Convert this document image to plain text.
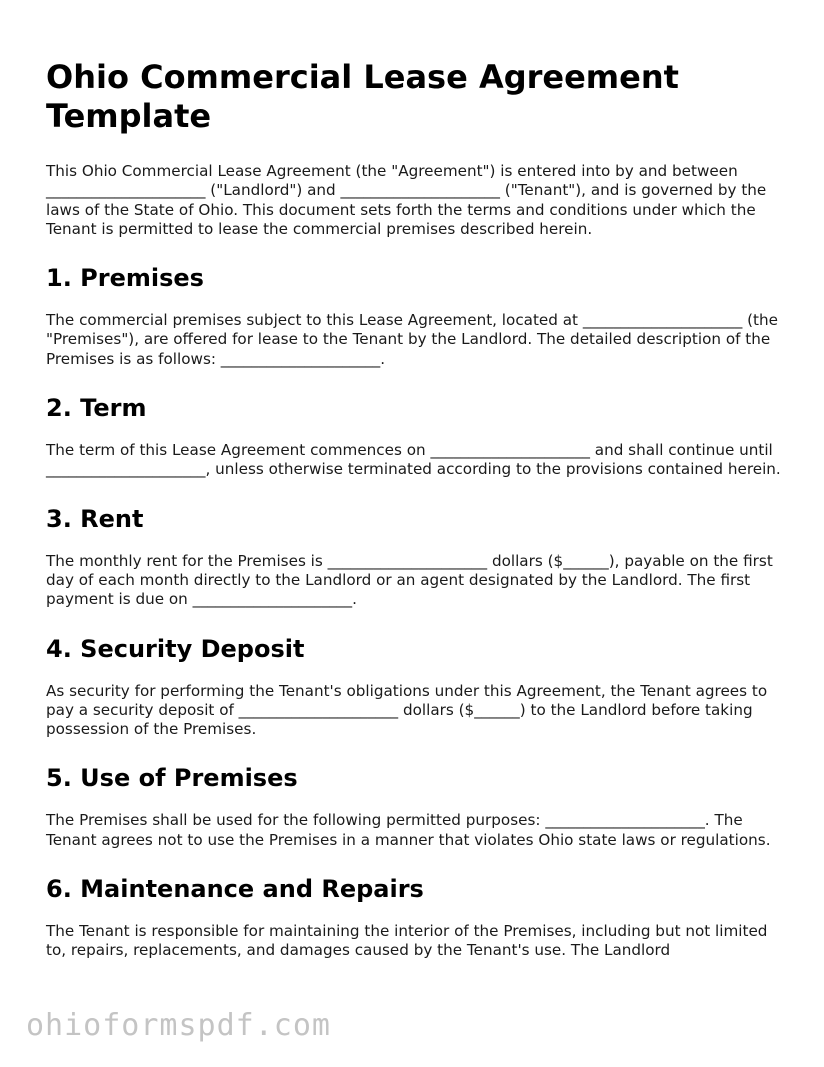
Ohio Commercial Lease Agreement Template

This Ohio Commercial Lease Agreement (the "Agreement") is entered into by and between _____________________ ("Landlord") and _____________________ ("Tenant"), and is governed by the laws of the State of Ohio. This document sets forth the terms and conditions under which the Tenant is permitted to lease the commercial premises described herein.

1. Premises

The commercial premises subject to this Lease Agreement, located at _____________________ (the "Premises"), are offered for lease to the Tenant by the Landlord. The detailed description of the Premises is as follows: _____________________.

2. Term

The term of this Lease Agreement commences on _____________________ and shall continue until _____________________, unless otherwise terminated according to the provisions contained herein.

3. Rent

The monthly rent for the Premises is _____________________ dollars ($______), payable on the first day of each month directly to the Landlord or an agent designated by the Landlord. The first payment is due on _____________________.

4. Security Deposit

As security for performing the Tenant's obligations under this Agreement, the Tenant agrees to pay a security deposit of _____________________ dollars ($______) to the Landlord before taking possession of the Premises.

5. Use of Premises

The Premises shall be used for the following permitted purposes: _____________________. The Tenant agrees not to use the Premises in a manner that violates Ohio state laws or regulations.

6. Maintenance and Repairs

The Tenant is responsible for maintaining the interior of the Premises, including but not limited to, repairs, replacements, and damages caused by the Tenant's use. The Landlord

ohioformspdf.com
